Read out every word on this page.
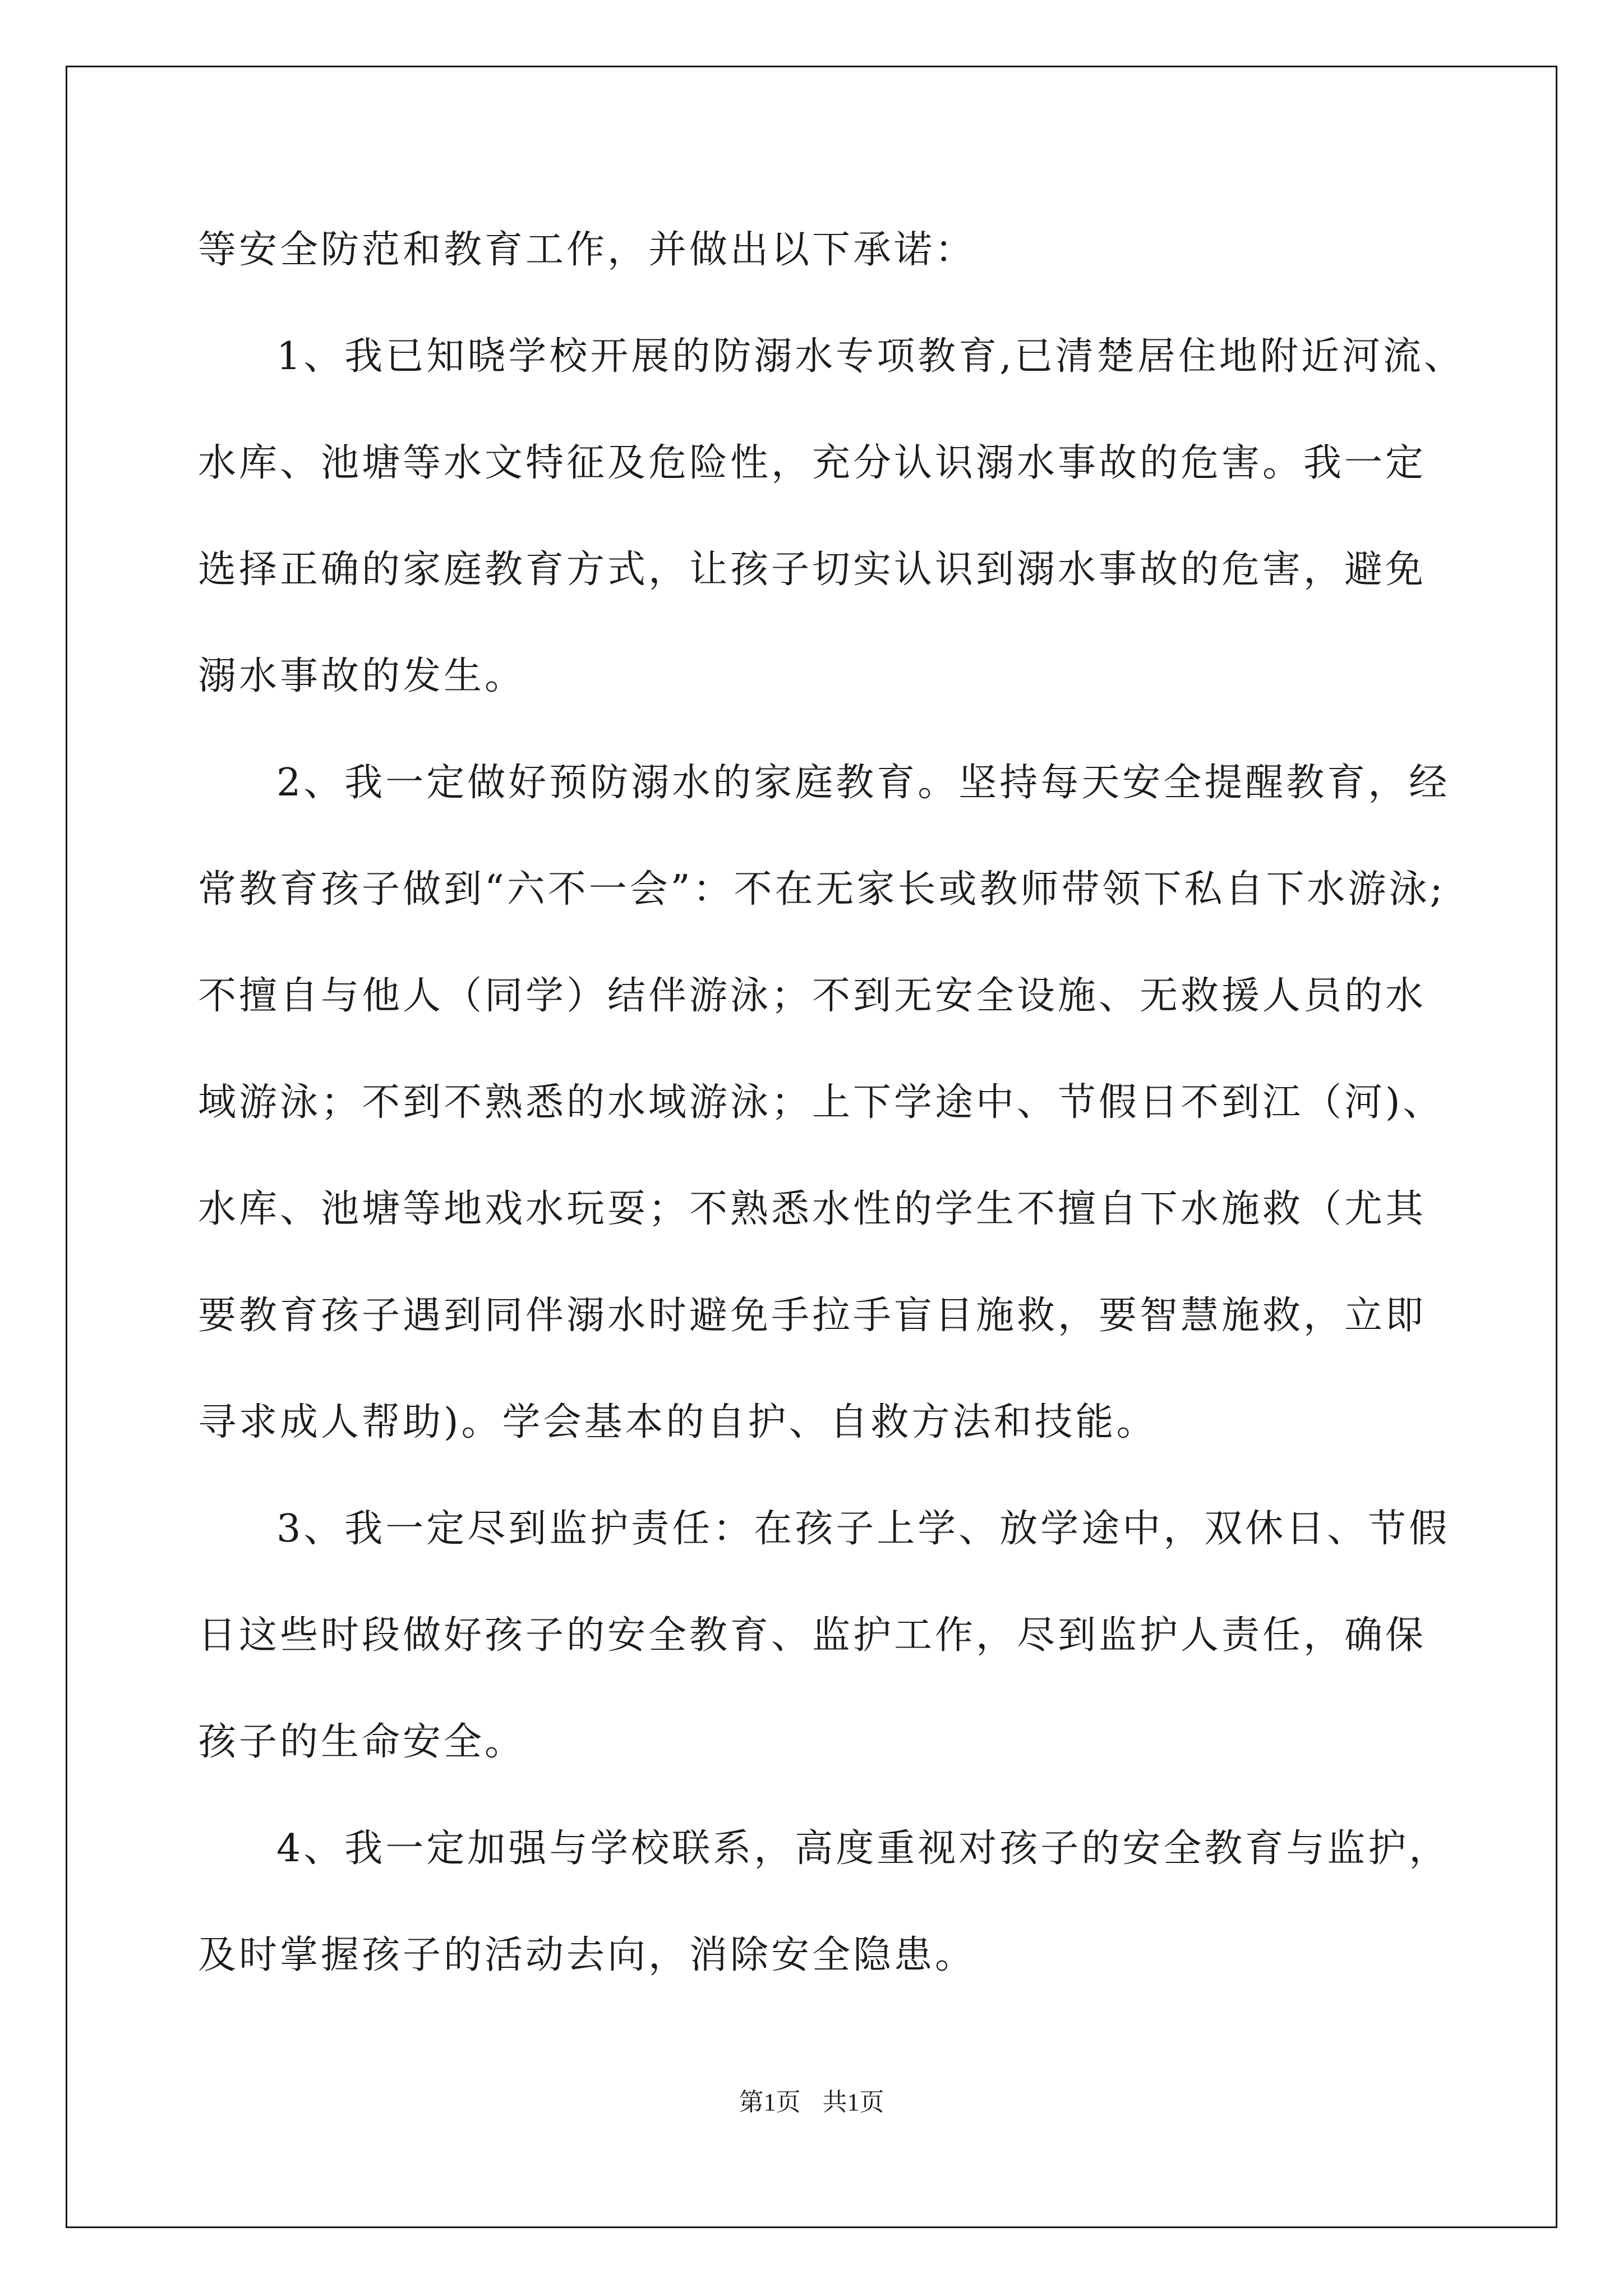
等安全防范和教育工作，并做出以下承诺：

1、我已知晓学校开展的防溺水专项教育,已清楚居住地附近河流、

水库、池塘等水文特征及危险性，充分认识溺水事故的危害。我一定

选择正确的家庭教育方式，让孩子切实认识到溺水事故的危害，避免

溺水事故的发生。

2、我一定做好预防溺水的家庭教育。坚持每天安全提醒教育，经

常教育孩子做到“六不一会”：不在无家长或教师带领下私自下水游泳;

不擅自与他人（同学）结伴游泳；不到无安全设施、无救援人员的水

域游泳；不到不熟悉的水域游泳；上下学途中、节假日不到江（河)、

水库、池塘等地戏水玩耍；不熟悉水性的学生不擅自下水施救（尤其

要教育孩子遇到同伴溺水时避免手拉手盲目施救，要智慧施救，立即

寻求成人帮助)。学会基本的自护、自救方法和技能。

3、我一定尽到监护责任：在孩子上学、放学途中，双休日、节假

日这些时段做好孩子的安全教育、监护工作，尽到监护人责任，确保

孩子的生命安全。

4、我一定加强与学校联系，高度重视对孩子的安全教育与监护，

及时掌握孩子的活动去向，消除安全隐患。

第1页 共1页
